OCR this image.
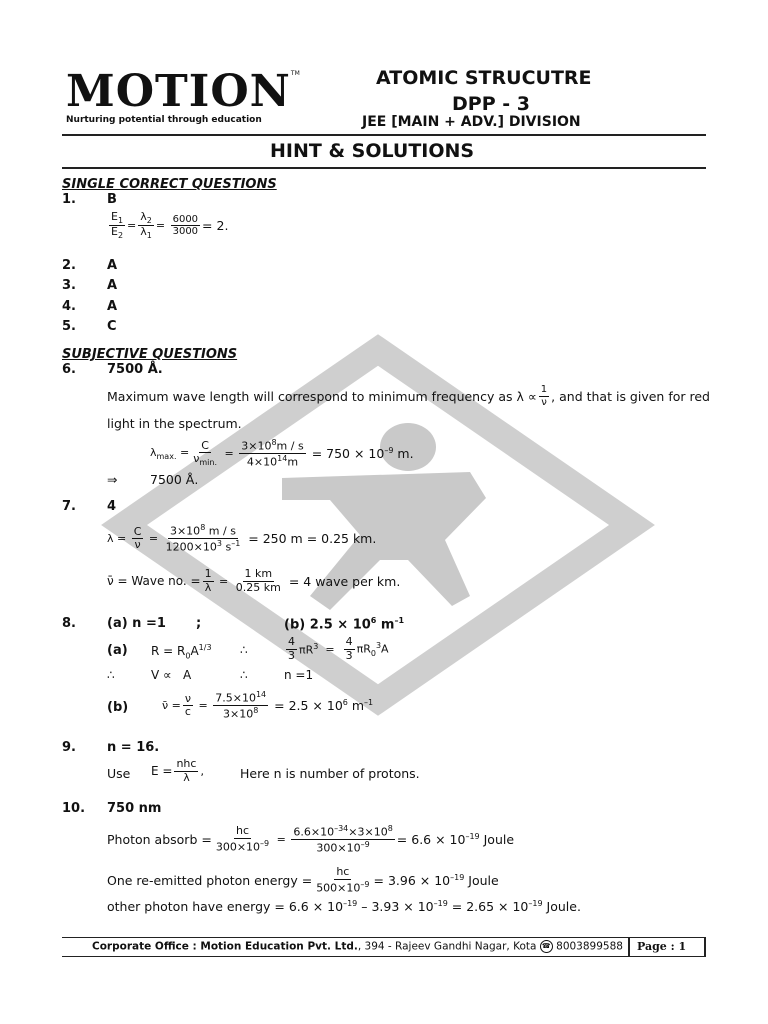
MOTION™
Nurturing potential through education
ATOMIC STRUCUTRE
DPP - 3
JEE [MAIN + ADV.] DIVISION
HINT & SOLUTIONS
SINGLE CORRECT QUESTIONS
1. B
$\frac{E_1}{E_2} = \frac{\lambda_2}{\lambda_1} = \frac{6000}{3000} = 2$.
2. A
3. A
4. A
5. C
SUBJECTIVE QUESTIONS
6. 7500 Å.
Maximum wave length will correspond to minimum frequency as $\lambda \propto \frac{1}{\nu}$ , and that is given for red
light in the spectrum.
$\lambda_{max.} = \frac{C}{\nu_{min.}} = \frac{3\times 10^8m / s}{4\times 10^{14}m} = 750 \times 10^{-9}$ m.
⇒	7500 Å.
7. 4
$\lambda = \frac{C}{\nu} = \frac{3\times 10^8 m / s}{1200\times 10^3 s^{-1}} = 250$ m = 0.25 km.
ν̄ = Wave no. = $\frac{1}{\lambda} = \frac{1 km}{0.25 km} = 4$ wave per km.
8. (a) n =1 ;	(b) $2.5 \times 10^6$ $m^{-1}$
(a) $R = R_0A^{1/3}$ ∴	$\frac{4}{3} \pi R^3 = \frac{4}{3} \pi R_0^3A$
∴	V ∝   A	∴	n =1
(b)	ν̄ = $\frac{\nu}{c} = \frac{7.5\times 10^{14}}{3\times 10^8} = 2.5 \times 10^6$ $m^{-1}$
9. n = 16.
Use $E = \frac{\text{nhc}}{\lambda}$ ,	Here n is number of protons.
10. 750 nm
Photon absorb = $\frac{hc}{300\times 10^{-9}} = \frac{6.6\times 10^{-34}\times 3\times 10^8}{300\times 10^{-9}} = 6.6 \times 10^{-19}$ Joule
One re-emitted photon energy = $\frac{hc}{500\times 10^{-9}} = 3.96 \times 10^{-19}$ Joule
other photon have energy = $6.6 \times 10^{-19} - 3.93 \times 10^{-19} = 2.65 \times 10^{-19}$ Joule.
Corporate Office : Motion Education Pvt. Ltd., 394 - Rajeev Gandhi Nagar, Kota ☎ 8003899588 Page : 1
